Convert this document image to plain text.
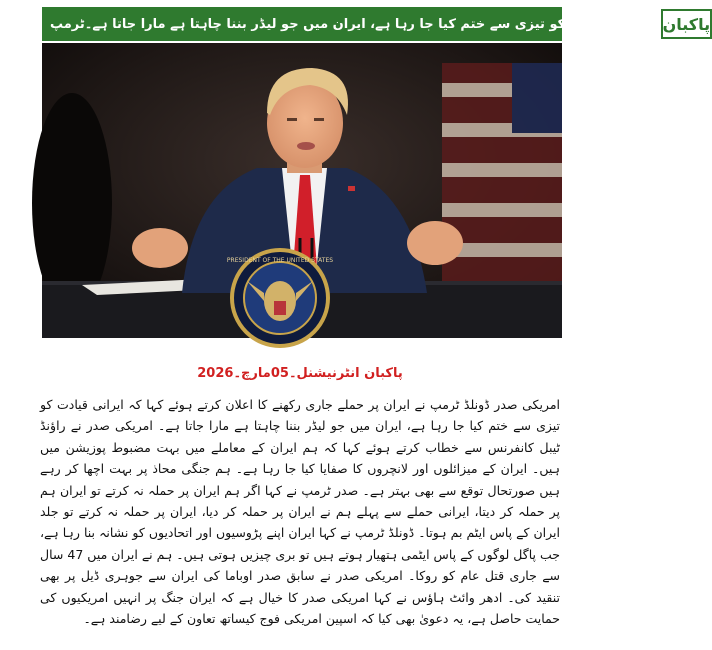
ایرانی قیادت کو تیزی سے ختم کیا جا رہا ہے، ایران میں جو لیڈر بننا چاہتا ہے مارا جاتا ہے۔ٹرمپ پاکبان
PRESIDENT OF THE UNITED STATES
پاکبان انٹرنیشنل۔05مارچ۔2026
امریکی صدر ڈونلڈ ٹرمپ نے ایران پر حملے جاری رکھنے کا اعلان کرتے ہوئے کہا کہ ایرانی قیادت کو تیزی سے ختم کیا جا رہا ہے، ایران میں جو لیڈر بننا چاہتا ہے مارا جاتا ہے۔ امریکی صدر نے راؤنڈ ٹیبل کانفرنس سے خطاب کرتے ہوئے کہا کہ ہم ایران کے معاملے میں بہت مضبوط پوزیشن میں ہیں۔ ایران کے میزائلوں اور لانچروں کا صفایا کیا جا رہا ہے۔ ہم جنگی محاذ پر بہت اچھا کر رہے ہیں صورتحال توقع سے بھی بہتر ہے۔ صدر ٹرمپ نے کہا اگر ہم ایران پر حملہ نہ کرتے تو ایران ہم پر حملہ کر دیتا، ایرانی حملے سے پہلے ہم نے ایران پر حملہ کر دیا، ایران پر حملہ نہ کرتے تو جلد ایران کے پاس ایٹم بم ہوتا۔ ڈونلڈ ٹرمپ نے کہا ایران اپنے پڑوسیوں اور اتحادیوں کو نشانہ بنا رہا ہے، جب پاگل لوگوں کے پاس ایٹمی ہتھیار ہوتے ہیں تو بری چیزیں ہوتی ہیں۔ ہم نے ایران میں 47 سال سے جاری قتل عام کو روکا۔ امریکی صدر نے سابق صدر اوباما کی ایران سے جوہری ڈیل پر بھی تنقید کی۔ ادھر وائٹ ہاؤس نے کہا امریکی صدر کا خیال ہے کہ ایران جنگ پر انہیں امریکیوں کی حمایت حاصل ہے، یہ دعویٰ بھی کیا کہ اسپین امریکی فوج کیساتھ تعاون کے لیے رضامند ہے۔
